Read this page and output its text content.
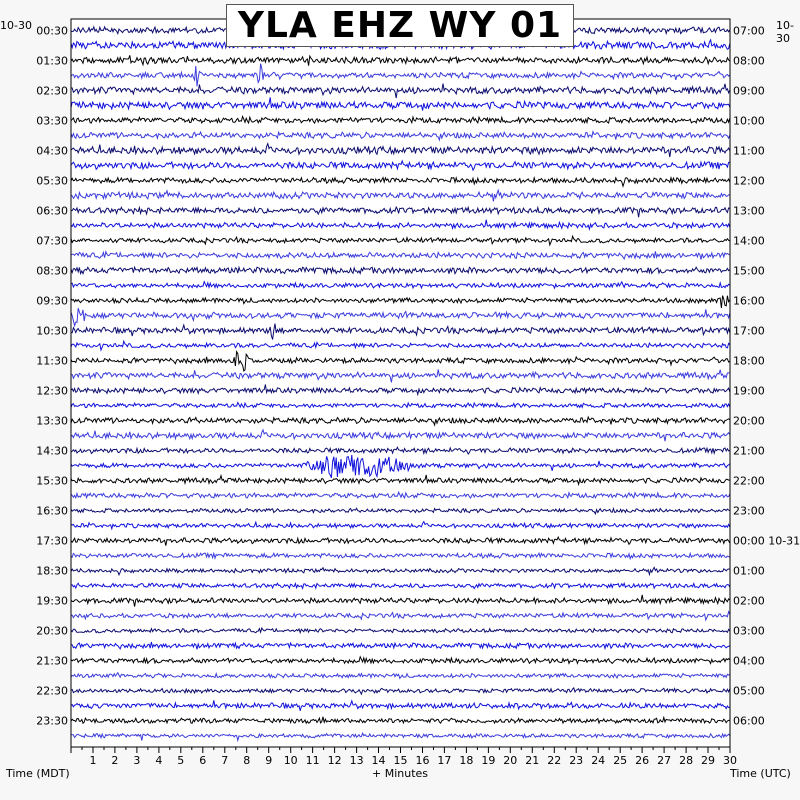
1 2 3 4 5 6 7 8 9 10 11 12 13 14 15 16 17 18 19 20 21 22 23 24 25 26 27 28 29 30
00:30
01:30
02:30
03:30
04:30
05:30
06:30
07:30
08:30
09:30
10:30
11:30
12:30
13:30
14:30
15:30
16:30
17:30
18:30
19:30
20:30
21:30
22:30
23:30
07:00
08:00
09:00
10:00
11:00
12:00
13:00
14:00
15:00
16:00
17:00
18:00
19:00
20:00
21:00
22:00
23:00
00:00 10-31
01:00
02:00
03:00
04:00
05:00
06:00
YLA EHZ WY 01
10-30	10-30
Time (MDT)	+ Minutes	Time (UTC)
